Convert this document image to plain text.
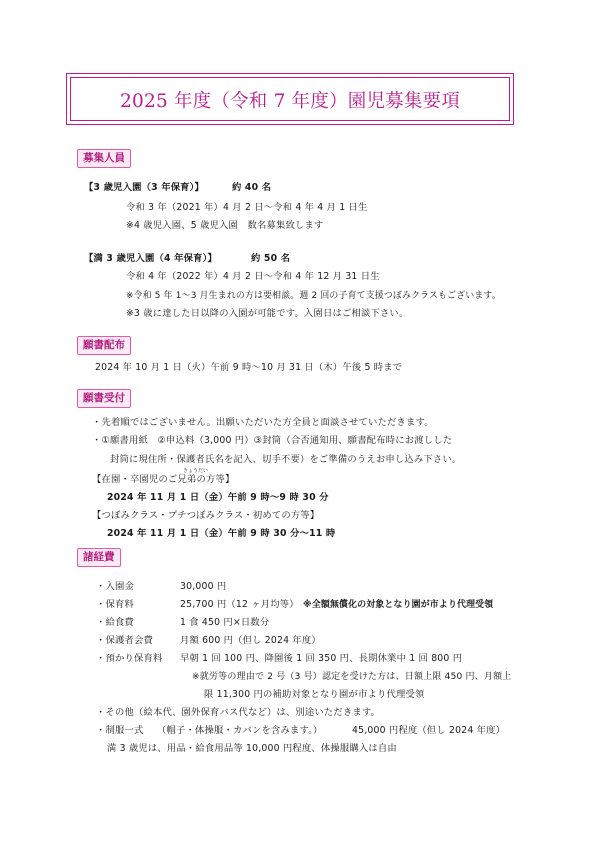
2025 年度（令和 7 年度）園児募集要項
募集人員
【3 歳児入園（3 年保育）】	約 40 名
令和 3 年（2021 年）4 月 2 日～令和 4 年 4 月 1 日生
※4 歳児入園、5 歳児入園　数名募集致します
【満 3 歳児入園（4 年保育）】	約 50 名
令和 4 年（2022 年）4 月 2 日～令和 4 年 12 月 31 日生
※令和 5 年 1～3 月生まれの方は要相談。週 2 回の子育て支援つぼみクラスもございます。
※3 歳に達した日以降の入園が可能です。入園日はご相談下さい。
願書配布
2024 年 10 月 1 日（火）午前 9 時～10 月 31 日（木）午後 5 時まで
願書受付
・先着順ではございません。出願いただいた方全員と面談させていただきます。
・①願書用紙　②申込料（3,000 円）③封筒（合否通知用、願書配布時にお渡しした
封筒に現住所・保護者氏名を記入、切手不要）をご準備のうえお申し込み下さい。
きょうだい
【在園・卒園児のご兄弟の方等】
2024 年 11 月 1 日（金）午前 9 時～9 時 30 分
【つぼみクラス・プチつぼみクラス・初めての方等】
2024 年 11 月 1 日（金）午前 9 時 30 分～11 時
諸経費
・入園金	30,000 円
・保育料	25,700 円（12 ヶ月均等） ※全額無償化の対象となり園が市より代理受領
・給食費	1 食 450 円×日数分
・保護者会費	月額 600 円（但し 2024 年度）
・預かり保育料 早朝 1 回 100 円、降園後 1 回 350 円、長期休業中 1 回 800 円
※就労等の理由で 2 号（3 号）認定を受けた方は、日額上限 450 円、月額上
限 11,300 円の補助対象となり園が市より代理受領
・その他（絵本代、園外保育バス代など）は、別途いただきます。
・制服一式 （帽子・体操服・カバンを含みます。）	45,000 円程度（但し 2024 年度）
満 3 歳児は、用品・給食用品等 10,000 円程度、体操服購入は自由
